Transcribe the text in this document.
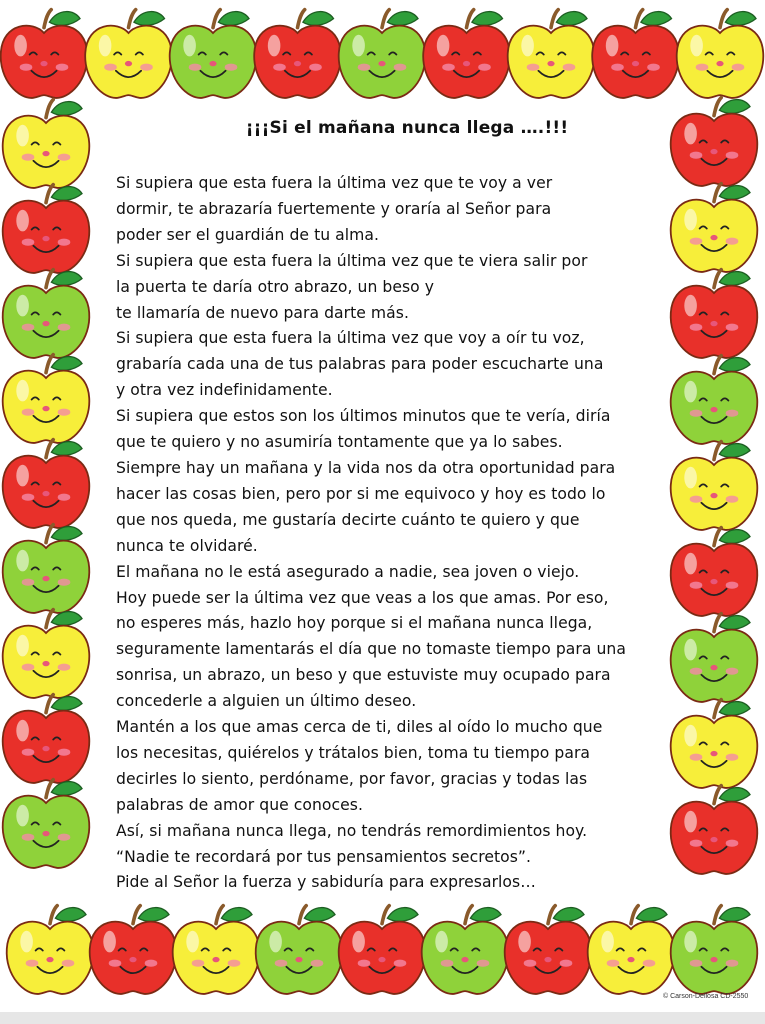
¡¡¡Si el mañana nunca llega ….!!!
Si supiera que esta fuera la última vez que te voy a ver
dormir, te abrazaría fuertemente y oraría al Señor para
poder ser el guardián de tu alma.
Si supiera que esta fuera la última vez que te viera salir por
la puerta te daría otro abrazo, un beso y
te llamaría de nuevo para darte más.
Si supiera que esta fuera la última vez que voy a oír tu voz,
grabaría cada una de tus palabras para poder escucharte una
y otra vez indefinidamente.
Si supiera que estos son los últimos minutos que te vería, diría
que te quiero y no asumiría tontamente que ya lo sabes.
Siempre hay un mañana y la vida nos da otra oportunidad para
hacer las cosas bien, pero por si me equivoco y hoy es todo lo
que nos queda, me gustaría decirte cuánto te quiero y que
nunca te olvidaré.
El mañana no le está asegurado a nadie, sea joven o viejo.
Hoy puede ser la última vez que veas a los que amas. Por eso,
no esperes más, hazlo hoy porque si el mañana nunca llega,
seguramente lamentarás el día que no tomaste tiempo para una
sonrisa, un abrazo, un beso y que estuviste muy ocupado para
concederle a alguien un último deseo.
Mantén a los que amas cerca de ti, diles al oído lo mucho que
los necesitas, quiérelos y trátalos bien, toma tu tiempo para
decirles lo siento, perdóname, por favor, gracias y todas las
palabras de amor que conoces.
Así, si mañana nunca llega, no tendrás remordimientos hoy.
“Nadie te recordará por tus pensamientos secretos”.
Pide al Señor la fuerza y sabiduría para expresarlos…
© Carson-Dellosa CD-2550
